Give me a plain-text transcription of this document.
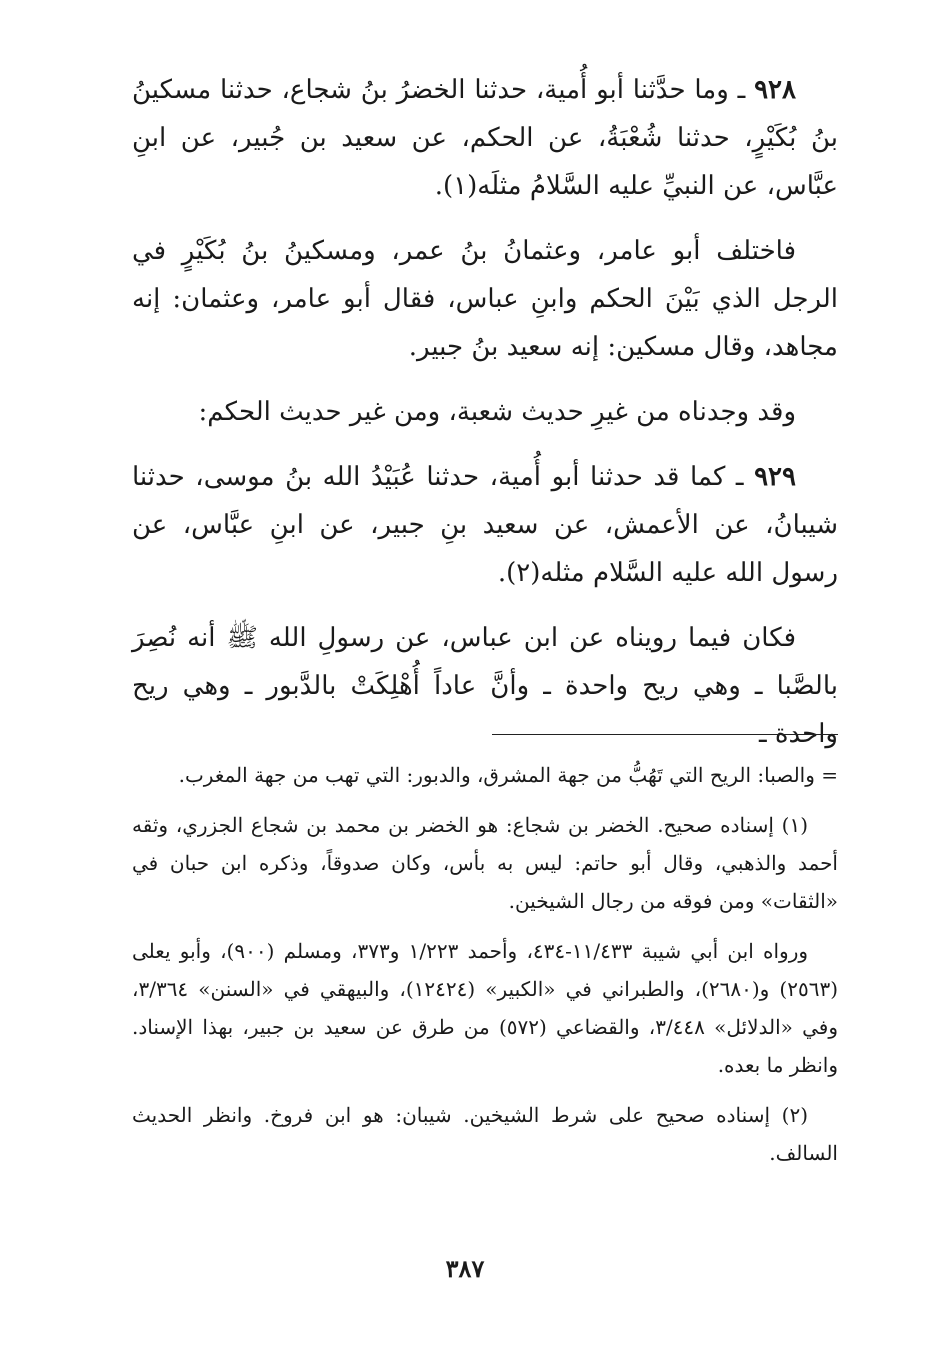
٩٢٨ ـ وما حدَّثنا أبو أُمية، حدثنا الخضرُ بنُ شجاع، حدثنا مسكينُ بنُ بُكَيْرٍ، حدثنا شُعْبَةُ، عن الحكم، عن سعيد بن جُبير، عن ابنِ عبَّاس، عن النبيِّ عليه السَّلامُ مثلَه(١).

فاختلف أبو عامر، وعثمانُ بنُ عمر، ومسكينُ بنُ بُكَيْرٍ في الرجل الذي بَيْنَ الحكم وابنِ عباس، فقال أبو عامر، وعثمان: إنه مجاهد، وقال مسكين: إنه سعيد بنُ جبير.

وقد وجدناه من غيرِ حديث شعبة، ومن غير حديث الحكم:

٩٢٩ ـ كما قد حدثنا أبو أُمية، حدثنا عُبَيْدُ الله بنُ موسى، حدثنا شيبانُ، عن الأعمش، عن سعيد بنِ جبير، عن ابنِ عبَّاس، عن رسول الله عليه السَّلام مثله(٢).

فكان فيما رويناه عن ابن عباس، عن رسولِ الله ﷺ أنه نُصِرَ بالصَّبا ـ وهي ريح واحدة ـ وأنَّ عاداً أُهْلِكَتْ بالدَّبور ـ وهي ريح واحدة ـ

= والصبا: الريح التي تَهُبُّ من جهة المشرق، والدبور: التي تهب من جهة المغرب.

(١) إسناده صحيح. الخضر بن شجاع: هو الخضر بن محمد بن شجاع الجزري، وثقه أحمد والذهبي، وقال أبو حاتم: ليس به بأس، وكان صدوقاً، وذكره ابن حبان في «الثقات» ومن فوقه من رجال الشيخين.

ورواه ابن أبي شيبة ١١/٤٣٣-٤٣٤، وأحمد ١/٢٢٣ و٣٧٣، ومسلم (٩٠٠)، وأبو يعلى (٢٥٦٣) و(٢٦٨٠)، والطبراني في «الكبير» (١٢٤٢٤)، والبيهقي في «السنن» ٣/٣٦٤، وفي «الدلائل» ٣/٤٤٨، والقضاعي (٥٧٢) من طرق عن سعيد بن جبير، بهذا الإسناد. وانظر ما بعده.

(٢) إسناده صحيح على شرط الشيخين. شيبان: هو ابن فروخ. وانظر الحديث السالف.

٣٨٧
